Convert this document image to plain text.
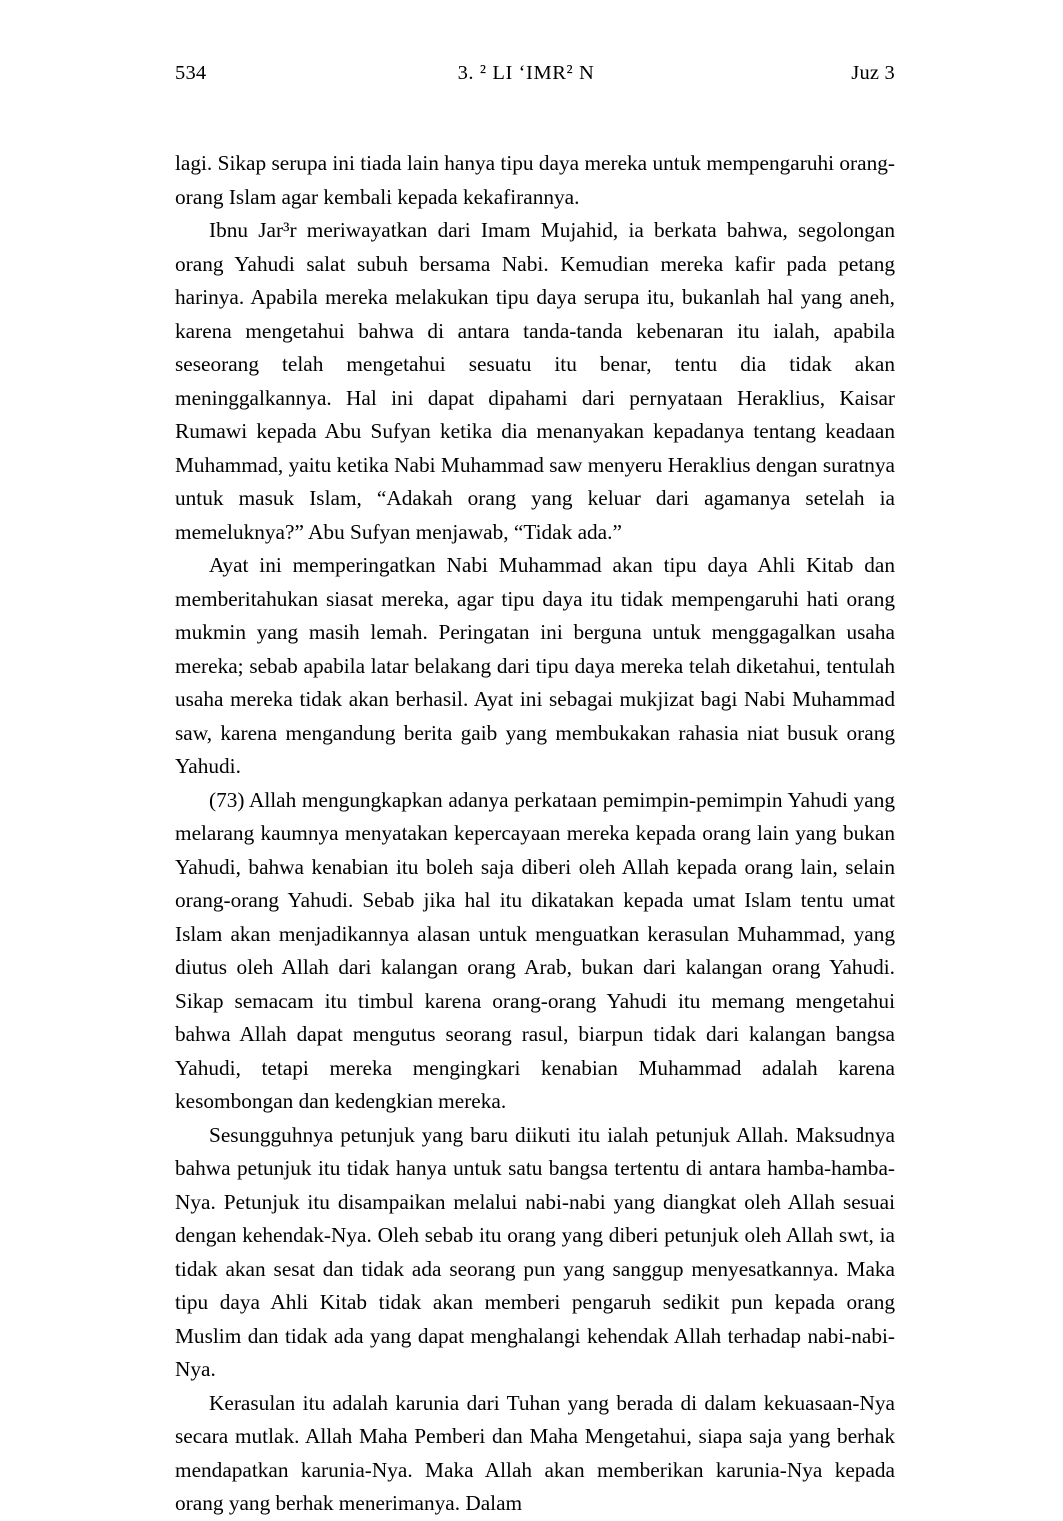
534	3. ² LI ‘IMR² N	Juz 3

lagi. Sikap serupa ini tiada lain hanya tipu daya mereka untuk mempengaruhi orang-orang Islam agar kembali kepada kekafirannya.

Ibnu Jar³r meriwayatkan dari Imam Mujahid, ia berkata bahwa, segolongan orang Yahudi salat subuh bersama Nabi. Kemudian mereka kafir pada petang harinya. Apabila mereka melakukan tipu daya serupa itu, bukanlah hal yang aneh, karena mengetahui bahwa di antara tanda-tanda kebenaran itu ialah, apabila seseorang telah mengetahui sesuatu itu benar, tentu dia tidak akan meninggalkannya. Hal ini dapat dipahami dari pernyataan Heraklius, Kaisar Rumawi kepada Abu Sufyan ketika dia menanyakan kepadanya tentang keadaan Muhammad, yaitu ketika Nabi Muhammad saw menyeru Heraklius dengan suratnya untuk masuk Islam, “Adakah orang yang keluar dari agamanya setelah ia memeluknya?” Abu Sufyan menjawab, “Tidak ada.”

Ayat ini memperingatkan Nabi Muhammad akan tipu daya Ahli Kitab dan memberitahukan siasat mereka, agar tipu daya itu tidak mempengaruhi hati orang mukmin yang masih lemah. Peringatan ini berguna untuk menggagalkan usaha mereka; sebab apabila latar belakang dari tipu daya mereka telah diketahui, tentulah usaha mereka tidak akan berhasil. Ayat ini sebagai mukjizat bagi Nabi Muhammad saw, karena mengandung berita gaib yang membukakan rahasia niat busuk orang Yahudi.

(73) Allah mengungkapkan adanya perkataan pemimpin-pemimpin Yahudi yang melarang kaumnya menyatakan kepercayaan mereka kepada orang lain yang bukan Yahudi, bahwa kenabian itu boleh saja diberi oleh Allah kepada orang lain, selain orang-orang Yahudi. Sebab jika hal itu dikatakan kepada umat Islam tentu umat Islam akan menjadikannya alasan untuk menguatkan kerasulan Muhammad, yang diutus oleh Allah dari kalangan orang Arab, bukan dari kalangan orang Yahudi. Sikap semacam itu timbul karena orang-orang Yahudi itu memang mengetahui bahwa Allah dapat mengutus seorang rasul, biarpun tidak dari kalangan bangsa Yahudi, tetapi mereka mengingkari kenabian Muhammad adalah karena kesombongan dan kedengkian mereka.

Sesungguhnya petunjuk yang baru diikuti itu ialah petunjuk Allah. Maksudnya bahwa petunjuk itu tidak hanya untuk satu bangsa tertentu di antara hamba-hamba-Nya. Petunjuk itu disampaikan melalui nabi-nabi yang diangkat oleh Allah sesuai dengan kehendak-Nya. Oleh sebab itu orang yang diberi petunjuk oleh Allah swt, ia tidak akan sesat dan tidak ada seorang pun yang sanggup menyesatkannya. Maka tipu daya Ahli Kitab tidak akan memberi pengaruh sedikit pun kepada orang Muslim dan tidak ada yang dapat menghalangi kehendak Allah terhadap nabi-nabi-Nya.

Kerasulan itu adalah karunia dari Tuhan yang berada di dalam kekuasaan-Nya secara mutlak. Allah Maha Pemberi dan Maha Mengetahui, siapa saja yang berhak mendapatkan karunia-Nya. Maka Allah akan memberikan karunia-Nya kepada orang yang berhak menerimanya. Dalam
